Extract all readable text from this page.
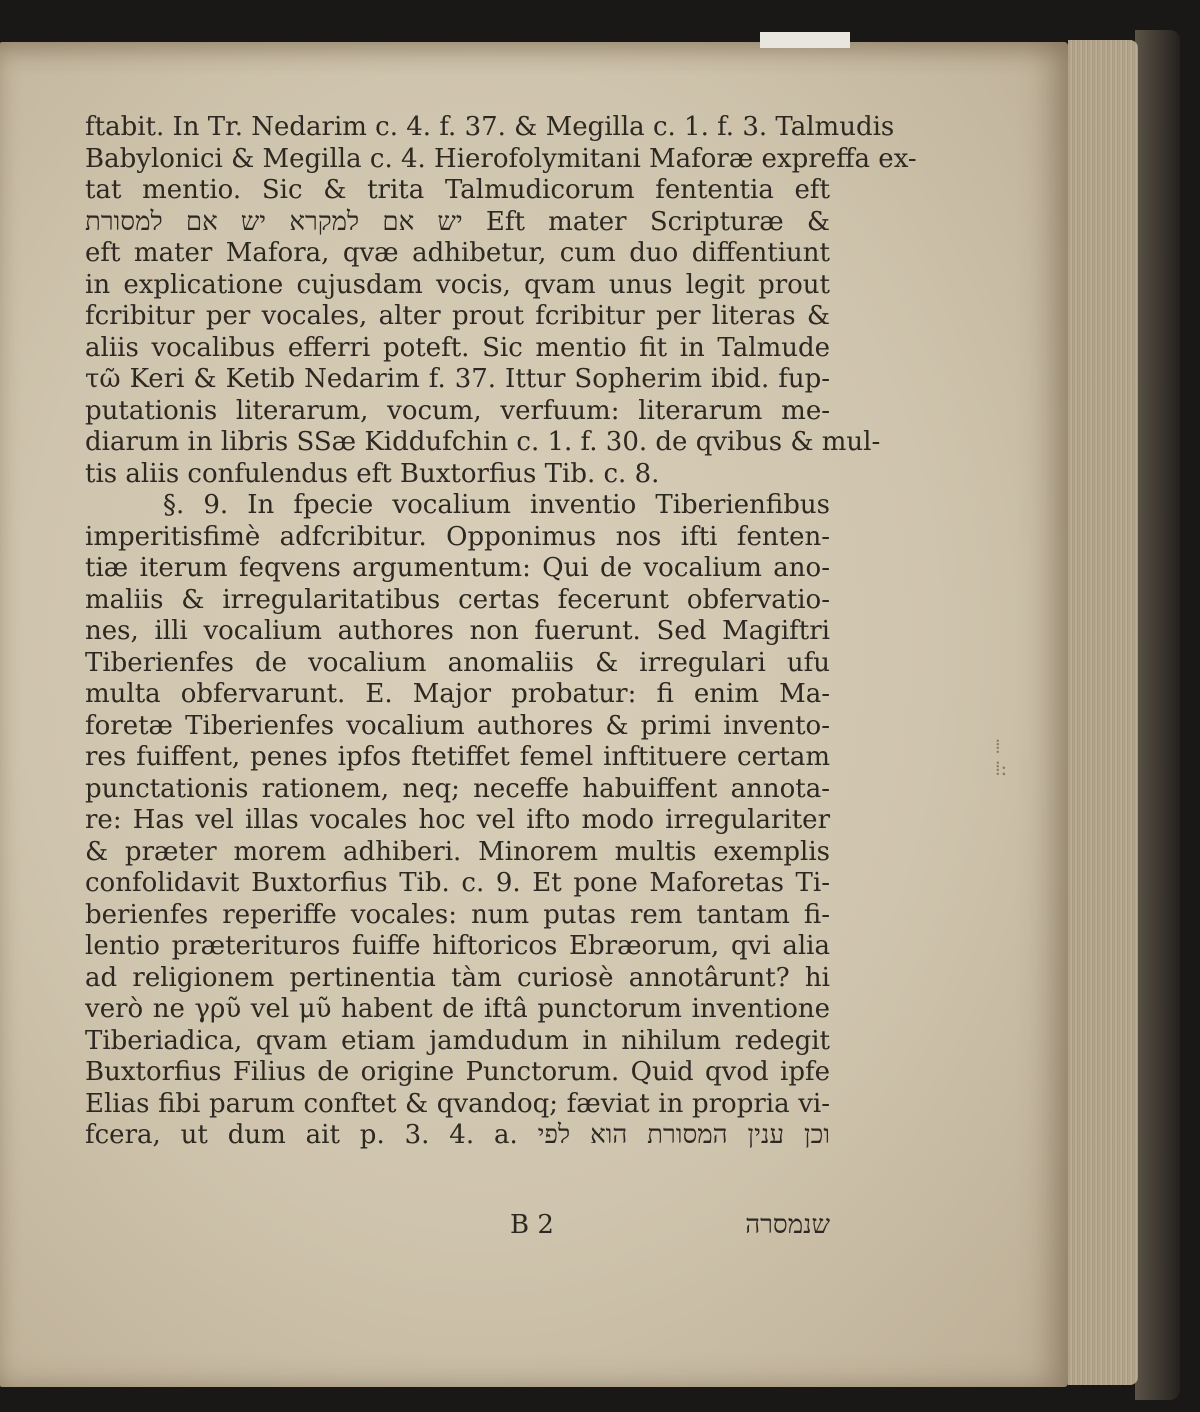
⁞
⁞:
ftabit. In Tr. Nedarim c. 4. f. 37. & Megilla c. 1. f. 3. Talmudis
Babylonici & Megilla c. 4. Hierofolymitani Maforæ expreffa ex-
tat mentio. Sic & trita Talmudicorum fententia eft
יש אם למקרא יש אם למסורת Eft mater Scripturæ &
eft mater Mafora, qvæ adhibetur, cum duo diffentiunt
in explicatione cujusdam vocis, qvam unus legit prout
fcribitur per vocales, alter prout fcribitur per literas &
aliis vocalibus efferri poteft. Sic mentio fit in Talmude
τῶ Keri & Ketib Nedarim f. 37. Ittur Sopherim ibid. fup-
putationis literarum, vocum, verfuum: literarum me-
diarum in libris SSæ Kiddufchin c. 1. f. 30. de qvibus & mul-
tis aliis confulendus eft Buxtorfius Tib. c. 8.
§. 9. In fpecie vocalium inventio Tiberienfibus
imperitisfimè adfcribitur. Opponimus nos ifti fenten-
tiæ iterum feqvens argumentum: Qui de vocalium ano-
maliis & irregularitatibus certas fecerunt obfervatio-
nes, illi vocalium authores non fuerunt. Sed Magiftri
Tiberienfes de vocalium anomaliis & irregulari ufu
multa obfervarunt. E. Major probatur: fi enim Ma-
foretæ Tiberienfes vocalium authores & primi invento-
res fuiffent, penes ipfos ftetiffet femel inftituere certam
punctationis rationem, neq; neceffe habuiffent annota-
re: Has vel illas vocales hoc vel ifto modo irregulariter
& præter morem adhiberi. Minorem multis exemplis
confolidavit Buxtorfius Tib. c. 9. Et pone Maforetas Ti-
berienfes reperiffe vocales: num putas rem tantam fi-
lentio præterituros fuiffe hiftoricos Ebræorum, qvi alia
ad religionem pertinentia tàm curiosè annotârunt? hi
verò ne γρῦ vel μῦ habent de iftâ punctorum inventione
Tiberiadica, qvam etiam jamdudum in nihilum redegit
Buxtorfius Filius de origine Punctorum. Quid qvod ipfe
Elias fibi parum conftet & qvandoq; fæviat in propria vi-
fcera, ut dum ait p. 3. 4. a. וכן ענין המסורת הוא לפי
B 2	שנמסרה
